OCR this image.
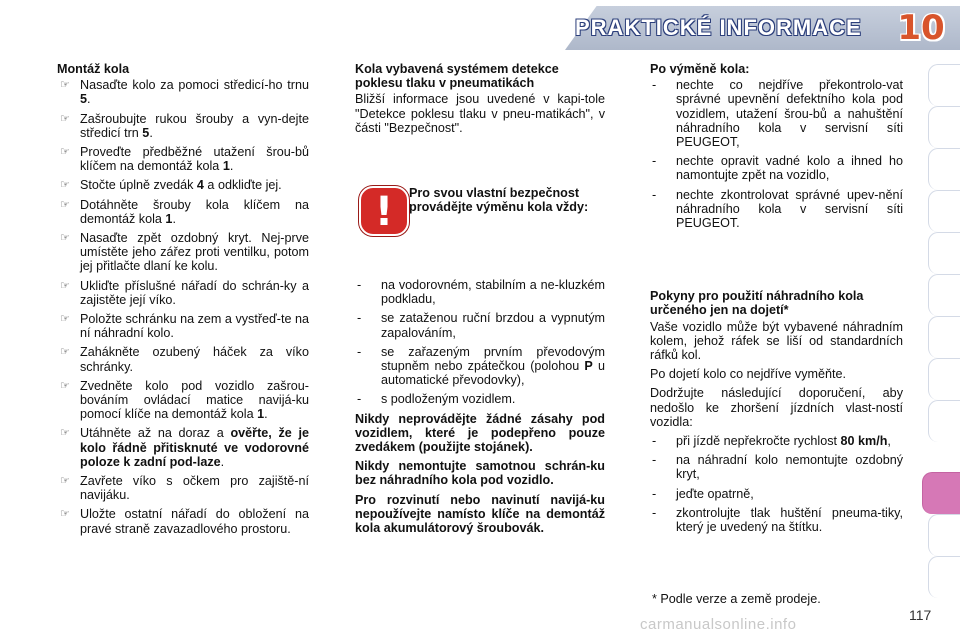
PRAKTICKÉ INFORMACE	10
Montáž kola
☞ Nasaďte kolo za pomoci středicí-ho trnu 5.
☞ Zašroubujte rukou šrouby a vyn-dejte středicí trn 5.
☞ Proveďte předběžné utažení šrou-bů klíčem na demontáž kola 1.
☞ Stočte úplně zvedák 4 a odkliďte jej.
☞ Dotáhněte šrouby kola klíčem na demontáž kola 1.
☞ Nasaďte zpět ozdobný kryt. Nej-prve umístěte jeho zářez proti ventilku, potom jej přitlačte dlaní ke kolu.
☞ Ukliďte příslušné nářadí do schrán-ky a zajistěte její víko.
☞ Položte schránku na zem a vystřeď-te na ní náhradní kolo.
☞ Zahákněte ozubený háček za víko schránky.
☞ Zvedněte kolo pod vozidlo zašrou-bováním ovládací matice navijá-ku pomocí klíče na demontáž kola 1.
☞ Utáhněte až na doraz a ověřte, že je kolo řádně přitisknuté ve vodorovné poloze k zadní pod-laze.
☞ Zavřete víko s očkem pro zajiště-ní navijáku.
☞ Uložte ostatní nářadí do obložení na pravé straně zavazadlového prostoru.
Kola vybavená systémem detekce poklesu tlaku v pneumatikách
Bližší informace jsou uvedené v kapi-tole "Detekce poklesu tlaku v pneu-matikách", v části "Bezpečnost".
!	Pro svou vlastní bezpečnost provádějte výměnu kola vždy:
- na vodorovném, stabilním a ne-kluzkém podkladu,
- se zataženou ruční brzdou a vypnutým zapalováním,
- se zařazeným prvním převodovým stupněm nebo zpátečkou (polohou P u automatické převodovky),
- s podloženým vozidlem.
Nikdy neprovádějte žádné zásahy pod vozidlem, které je podepřeno pouze zvedákem (použijte stojánek).
Nikdy nemontujte samotnou schrán-ku bez náhradního kola pod vozidlo.
Pro rozvinutí nebo navinutí navijá-ku nepoužívejte namísto klíče na demontáž kola akumulátorový šroubovák.
Po výměně kola:
- nechte co nejdříve překontrolo-vat správné upevnění defektního kola pod vozidlem, utažení šrou-bů a nahuštění náhradního kola v servisní síti PEUGEOT,
- nechte opravit vadné kolo a ihned ho namontujte zpět na vozidlo,
- nechte zkontrolovat správné upev-nění náhradního kola v servisní síti PEUGEOT.
Pokyny pro použití náhradního kola určeného jen na dojetí*
Vaše vozidlo může být vybavené náhradním kolem, jehož ráfek se liší od standardních ráfků kol.
Po dojetí kolo co nejdříve vyměňte.
Dodržujte následující doporučení, aby nedošlo ke zhoršení jízdních vlast-ností vozidla:
- při jízdě nepřekročte rychlost 80 km/h,
- na náhradní kolo nemontujte ozdobný kryt,
- jeďte opatrně,
- zkontrolujte tlak huštění pneuma-tiky, který je uvedený na štítku.
* Podle verze a země prodeje.
carmanualsonline.info
117
